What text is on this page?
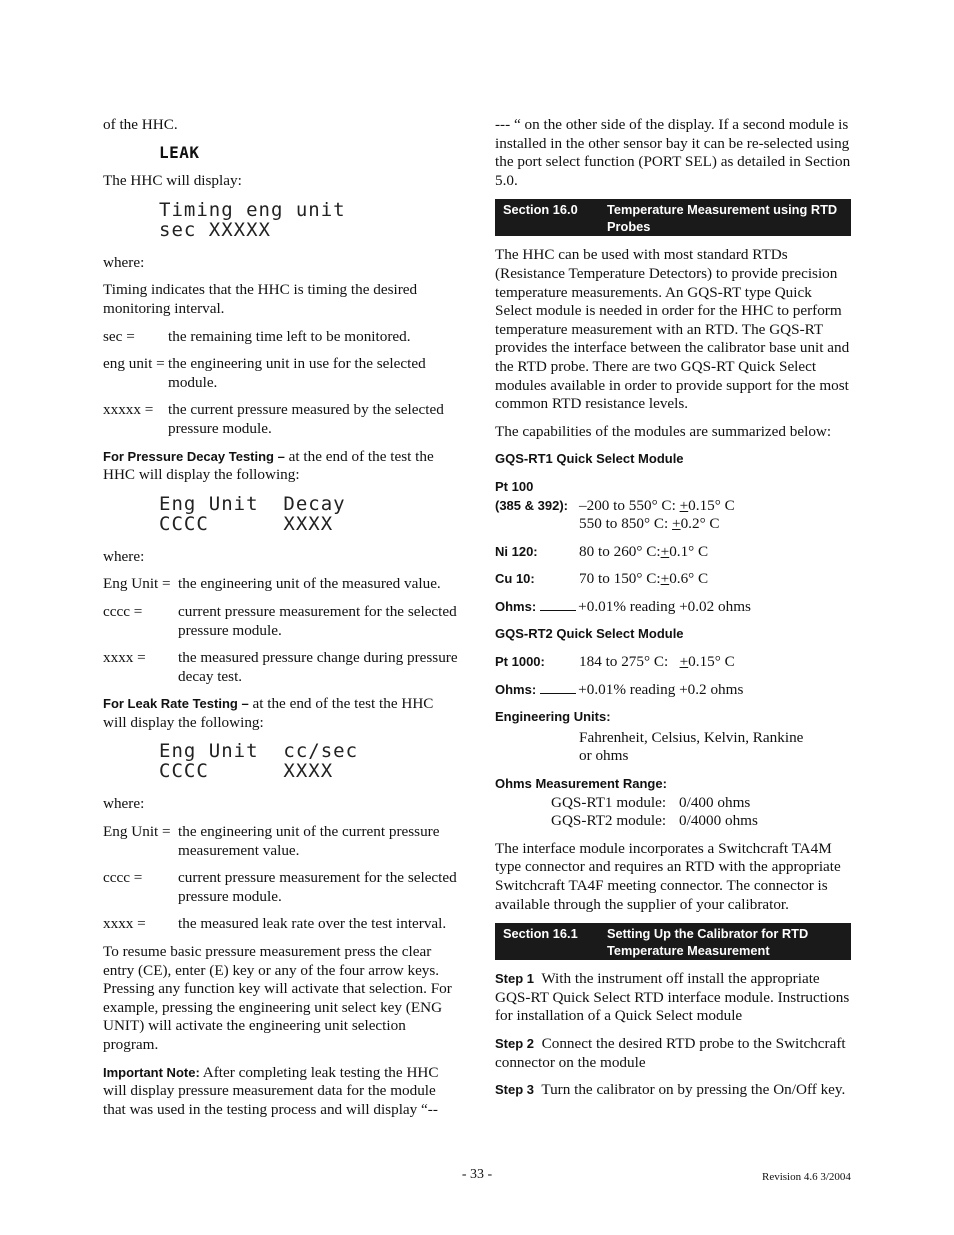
of the HHC.

LEAK

The HHC will display:

Timing eng unit
sec XXXXX

where:

Timing indicates that the HHC is timing the desired monitoring interval.

sec =	the remaining time left to be monitored.
eng unit = the engineering unit in use for the selected module.
xxxxx = the current pressure measured by the selected pressure module.

For Pressure Decay Testing – at the end of the test the HHC will display the following:

Eng Unit  Decay
CCCC      XXXX

where:

Eng Unit = the engineering unit of the measured value.
cccc =	current pressure measurement for the selected pressure module.
xxxx =	the measured pressure change during pressure decay test.

For Leak Rate Testing – at the end of the test the HHC will display the following:

Eng Unit  cc/sec
CCCC      XXXX

where:

Eng Unit = the engineering unit of the current pressure measurement value.
cccc =	current pressure measurement for the selected pressure module.
xxxx =	the measured leak rate over the test interval.

To resume basic pressure measurement press the clear entry (CE), enter (E) key or any of the four arrow keys. Pressing any function key will activate that selection. For example, pressing the engineering unit select key (ENG UNIT) will activate the engineering unit selection program.

Important Note: After completing leak testing the HHC will display pressure measurement data for the module that was used in the testing process and will display “--

--- “ on the other side of the display. If a second module is installed in the other sensor bay it can be re-selected using the port select function (PORT SEL) as detailed in Section 5.0.

Section 16.0	Temperature Measurement using RTD Probes

The HHC can be used with most standard RTDs (Resistance Temperature Detectors) to provide precision temperature measurements. An GQS-RT type Quick Select module is needed in order for the HHC to perform temperature measurement with an RTD. The GQS-RT provides the interface between the calibrator base unit and the RTD probe. There are two GQS-RT Quick Select modules available in order to provide support for the most common RTD resistance levels.

The capabilities of the modules are summarized below:

GQS-RT1 Quick Select Module
Pt 100
(385 & 392): –200 to 550° C: +0.15° C
550 to 850° C: +0.2° C
Ni 120:	80 to 260° C:+0.1° C
Cu 10:	70 to 150° C:+0.6° C

Ohms:	+0.01% reading +0.02 ohms

GQS-RT2 Quick Select Module
Pt 1000:	184 to 275° C:   +0.15° C

Ohms:	+0.01% reading +0.2 ohms

Engineering Units:

Fahrenheit, Celsius, Kelvin, Rankine
or ohms

Ohms Measurement Range:
GQS-RT1 module: 0/400 ohms
GQS-RT2 module: 0/4000 ohms

The interface module incorporates a Switchcraft TA4M type connector and requires an RTD with the appropriate Switchcraft TA4F meeting connector. The connector is available through the supplier of your calibrator.

Section 16.1	Setting Up the Calibrator for RTD Temperature Measurement

Step 1  With the instrument off install the appropriate GQS-RT Quick Select RTD interface module. Instructions for installation of a Quick Select module

Step 2  Connect the desired RTD probe to the Switchcraft connector on the module

Step 3  Turn the calibrator on by pressing the On/Off key.

- 33 -	Revision 4.6 3/2004
